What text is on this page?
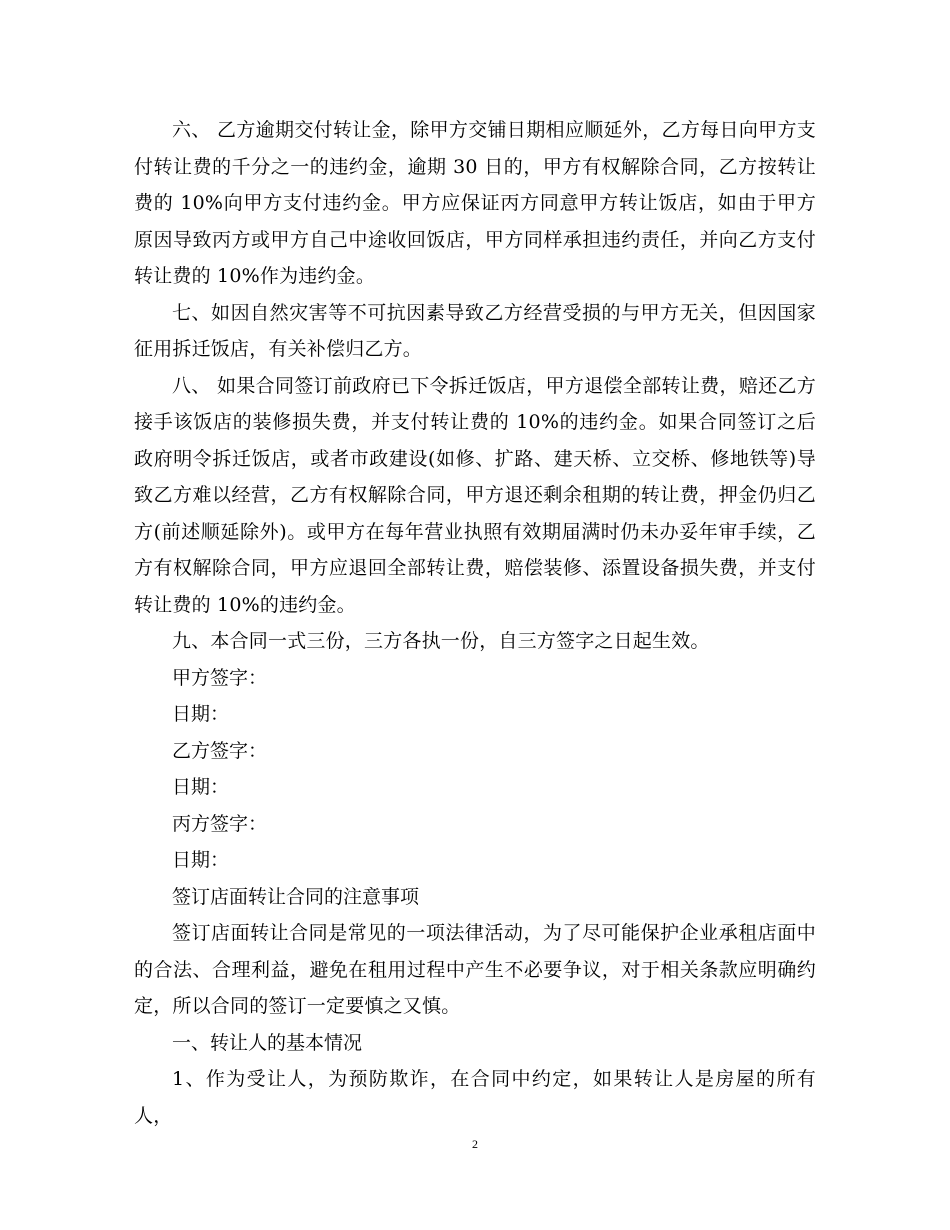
六、 乙方逾期交付转让金，除甲方交铺日期相应顺延外，乙方每日向甲方支付转让费的千分之一的违约金，逾期 30 日的，甲方有权解除合同，乙方按转让费的 10%向甲方支付违约金。甲方应保证丙方同意甲方转让饭店，如由于甲方原因导致丙方或甲方自己中途收回饭店，甲方同样承担违约责任，并向乙方支付转让费的 10%作为违约金。

七、如因自然灾害等不可抗因素导致乙方经营受损的与甲方无关，但因国家征用拆迁饭店，有关补偿归乙方。

八、 如果合同签订前政府已下令拆迁饭店，甲方退偿全部转让费，赔还乙方接手该饭店的装修损失费，并支付转让费的 10%的违约金。如果合同签订之后政府明令拆迁饭店，或者市政建设(如修、扩路、建天桥、立交桥、修地铁等)导致乙方难以经营，乙方有权解除合同，甲方退还剩余租期的转让费，押金仍归乙方(前述顺延除外)。或甲方在每年营业执照有效期届满时仍未办妥年审手续，乙方有权解除合同，甲方应退回全部转让费，赔偿装修、添置设备损失费，并支付转让费的 10%的违约金。

九、本合同一式三份，三方各执一份，自三方签字之日起生效。

甲方签字：

日期：

乙方签字：

日期：

丙方签字：

日期：

签订店面转让合同的注意事项

签订店面转让合同是常见的一项法律活动，为了尽可能保护企业承租店面中的合法、合理利益，避免在租用过程中产生不必要争议，对于相关条款应明确约定，所以合同的签订一定要慎之又慎。

一、转让人的基本情况

1、作为受让人，为预防欺诈，在合同中约定，如果转让人是房屋的所有人，

2
